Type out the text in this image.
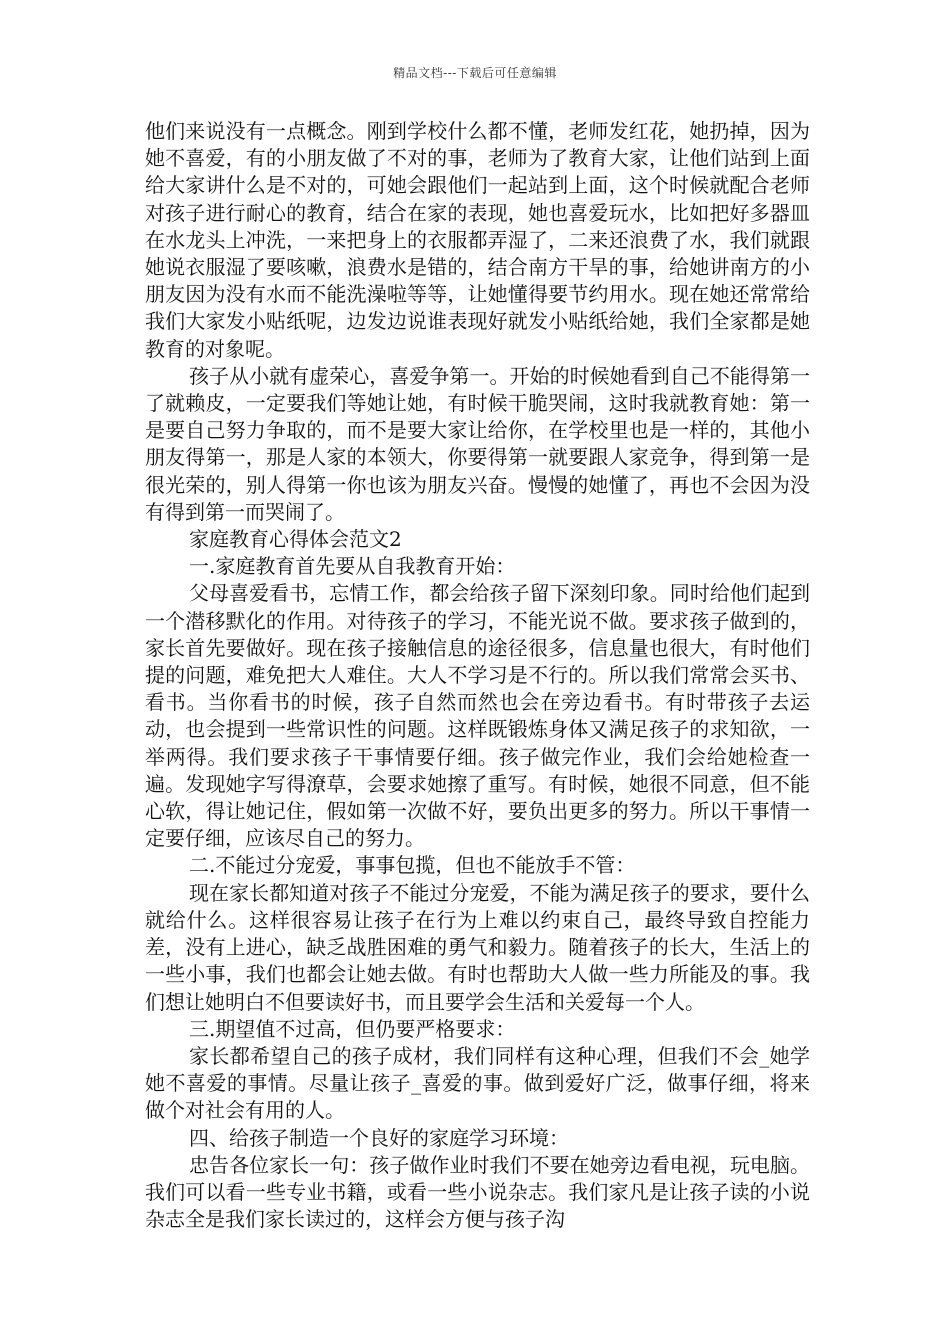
精品文档---下载后可任意编辑

他们来说没有一点概念。刚到学校什么都不懂，老师发红花，她扔掉，因为她不喜爱，有的小朋友做了不对的事，老师为了教育大家，让他们站到上面给大家讲什么是不对的，可她会跟他们一起站到上面，这个时候就配合老师对孩子进行耐心的教育，结合在家的表现，她也喜爱玩水，比如把好多器皿在水龙头上冲洗，一来把身上的衣服都弄湿了，二来还浪费了水，我们就跟她说衣服湿了要咳嗽，浪费水是错的，结合南方干旱的事，给她讲南方的小朋友因为没有水而不能洗澡啦等等，让她懂得要节约用水。现在她还常常给我们大家发小贴纸呢，边发边说谁表现好就发小贴纸给她，我们全家都是她教育的对象呢。

孩子从小就有虚荣心，喜爱争第一。开始的时候她看到自己不能得第一了就赖皮，一定要我们等她让她，有时候干脆哭闹，这时我就教育她：第一是要自己努力争取的，而不是要大家让给你，在学校里也是一样的，其他小朋友得第一，那是人家的本领大，你要得第一就要跟人家竞争，得到第一是很光荣的，别人得第一你也该为朋友兴奋。慢慢的她懂了，再也不会因为没有得到第一而哭闹了。

家庭教育心得体会范文2

一.家庭教育首先要从自我教育开始：

父母喜爱看书，忘情工作，都会给孩子留下深刻印象。同时给他们起到一个潜移默化的作用。对待孩子的学习，不能光说不做。要求孩子做到的，家长首先要做好。现在孩子接触信息的途径很多，信息量也很大，有时他们提的问题，难免把大人难住。大人不学习是不行的。所以我们常常会买书、看书。当你看书的时候，孩子自然而然也会在旁边看书。有时带孩子去运动，也会提到一些常识性的问题。这样既锻炼身体又满足孩子的求知欲，一举两得。我们要求孩子干事情要仔细。孩子做完作业，我们会给她检查一遍。发现她字写得潦草，会要求她擦了重写。有时候，她很不同意，但不能心软，得让她记住，假如第一次做不好，要负出更多的努力。所以干事情一定要仔细，应该尽自己的努力。

二.不能过分宠爱，事事包揽，但也不能放手不管：

现在家长都知道对孩子不能过分宠爱，不能为满足孩子的要求，要什么就给什么。这样很容易让孩子在行为上难以约束自己，最终导致自控能力差，没有上进心，缺乏战胜困难的勇气和毅力。随着孩子的长大，生活上的一些小事，我们也都会让她去做。有时也帮助大人做一些力所能及的事。我们想让她明白不但要读好书，而且要学会生活和关爱每一个人。

三.期望值不过高，但仍要严格要求：

家长都希望自己的孩子成材，我们同样有这种心理，但我们不会_她学她不喜爱的事情。尽量让孩子_喜爱的事。做到爱好广泛，做事仔细，将来做个对社会有用的人。

四、给孩子制造一个良好的家庭学习环境：

忠告各位家长一句：孩子做作业时我们不要在她旁边看电视，玩电脑。我们可以看一些专业书籍，或看一些小说杂志。我们家凡是让孩子读的小说杂志全是我们家长读过的，这样会方便与孩子沟
